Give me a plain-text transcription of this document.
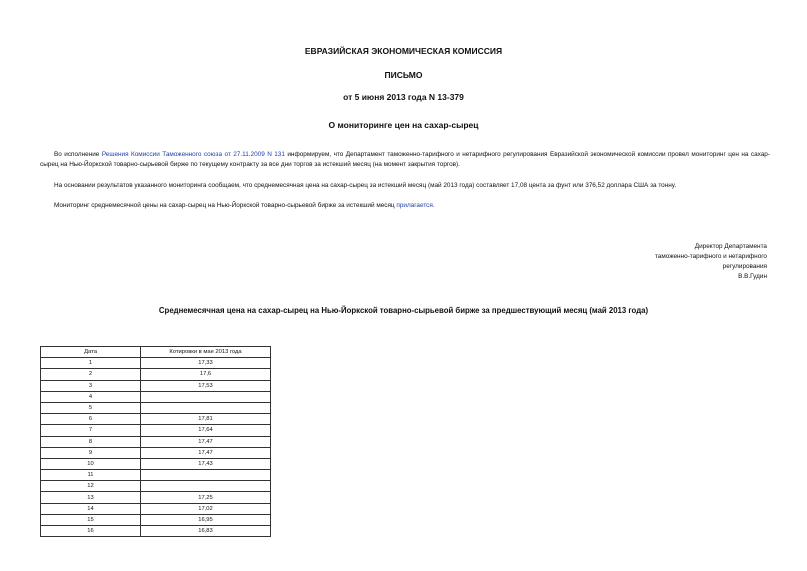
ЕВРАЗИЙСКАЯ ЭКОНОМИЧЕСКАЯ КОМИССИЯ
ПИСЬМО
от 5 июня 2013 года N 13-379
О мониторинге цен на сахар-сырец
Во исполнение Решения Комиссии Таможенного союза от 27.11.2009 N 131 информируем, что Департамент таможенно-тарифного и нетарифного регулирования Евразийской экономической комиссии провел мониторинг цен на сахар-сырец на Нью-Йоркской товарно-сырьевой бирже по текущему контракту за все дни торгов за истекший месяц (на момент закрытия торгов).
На основании результатов указанного мониторинга сообщаем, что среднемесячная цена на сахар-сырец за истекший месяц (май 2013 года) составляет 17,08 цента за фунт или 376,52 доллара США за тонну.
Мониторинг среднемесячной цены на сахар-сырец на Нью-Йоркской товарно-сырьевой бирже за истекший месяц прилагается.
Директор Департамента
таможенно-тарифного и нетарифного
регулирования
В.В.Гудин
Среднемесячная цена на сахар-сырец на Нью-Йоркской товарно-сырьевой бирже за предшествующий месяц (май 2013 года)
Дата	Котировки в мае 2013 года
1	17,33
2	17,6
3	17,53
4	
5	
6	17,81
7	17,64
8	17,47
9	17,47
10	17,43
11	
12	
13	17,25
14	17,02
15	16,95
16	16,83
